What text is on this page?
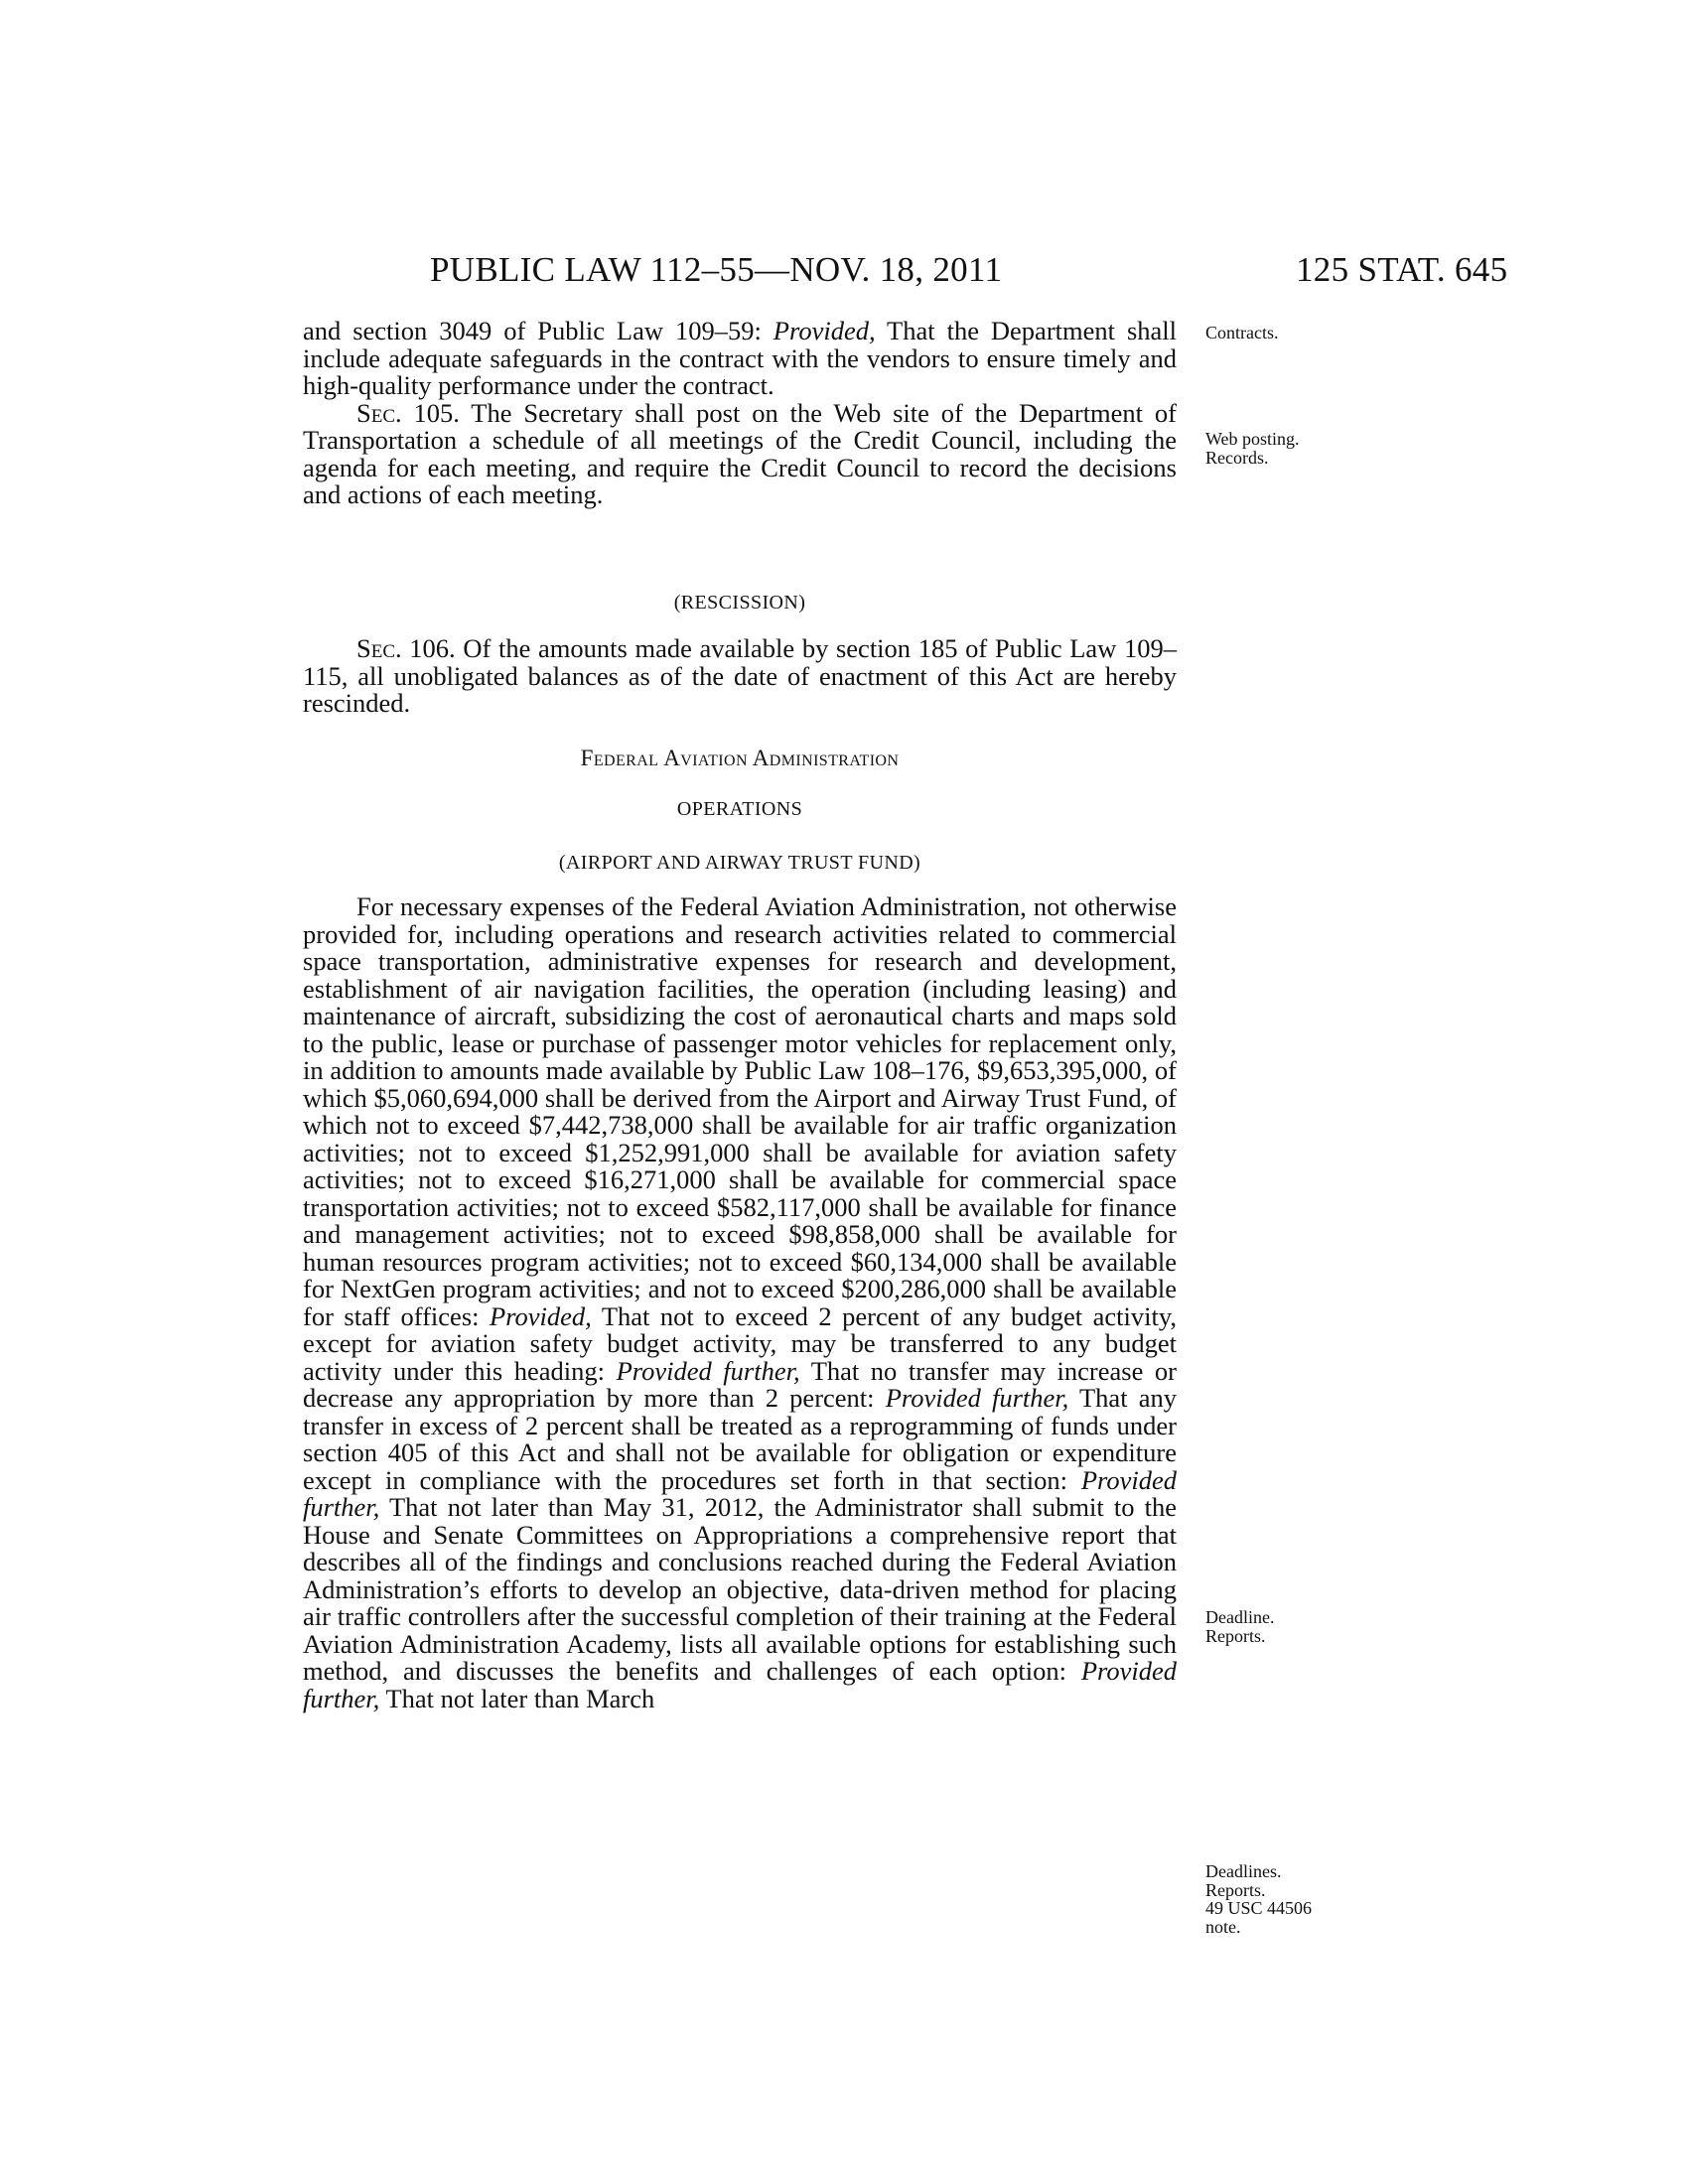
PUBLIC LAW 112–55—NOV. 18, 2011	125 STAT. 645

and section 3049 of Public Law 109–59: Provided, That the Department shall include adequate safeguards in the contract with the vendors to ensure timely and high-quality performance under the contract.

Sec. 105. The Secretary shall post on the Web site of the Department of Transportation a schedule of all meetings of the Credit Council, including the agenda for each meeting, and require the Credit Council to record the decisions and actions of each meeting.

(RESCISSION)

Sec. 106. Of the amounts made available by section 185 of Public Law 109–115, all unobligated balances as of the date of enactment of this Act are hereby rescinded.

Federal Aviation Administration
OPERATIONS
(AIRPORT AND AIRWAY TRUST FUND)

For necessary expenses of the Federal Aviation Administration, not otherwise provided for, including operations and research activities related to commercial space transportation, administrative expenses for research and development, establishment of air navigation facilities, the operation (including leasing) and maintenance of aircraft, subsidizing the cost of aeronautical charts and maps sold to the public, lease or purchase of passenger motor vehicles for replacement only, in addition to amounts made available by Public Law 108–176, $9,653,395,000, of which $5,060,694,000 shall be derived from the Airport and Airway Trust Fund, of which not to exceed $7,442,738,000 shall be available for air traffic organization activities; not to exceed $1,252,991,000 shall be available for aviation safety activities; not to exceed $16,271,000 shall be available for commercial space transportation activities; not to exceed $582,117,000 shall be available for finance and management activities; not to exceed $98,858,000 shall be available for human resources program activities; not to exceed $60,134,000 shall be available for NextGen program activities; and not to exceed $200,286,000 shall be available for staff offices: Provided, That not to exceed 2 percent of any budget activity, except for aviation safety budget activity, may be transferred to any budget activity under this heading: Provided further, That no transfer may increase or decrease any appropriation by more than 2 percent: Provided further, That any transfer in excess of 2 percent shall be treated as a reprogramming of funds under section 405 of this Act and shall not be available for obligation or expenditure except in compliance with the procedures set forth in that section: Provided further, That not later than May 31, 2012, the Administrator shall submit to the House and Senate Committees on Appropriations a comprehensive report that describes all of the findings and conclusions reached during the Federal Aviation Administration’s efforts to develop an objective, data-driven method for placing air traffic controllers after the successful completion of their training at the Federal Aviation Administration Academy, lists all available options for establishing such method, and discusses the benefits and challenges of each option: Provided further, That not later than March

Contracts.
Web posting.
Records.
Deadline.
Reports.
Deadlines.
Reports.
49 USC 44506
note.
